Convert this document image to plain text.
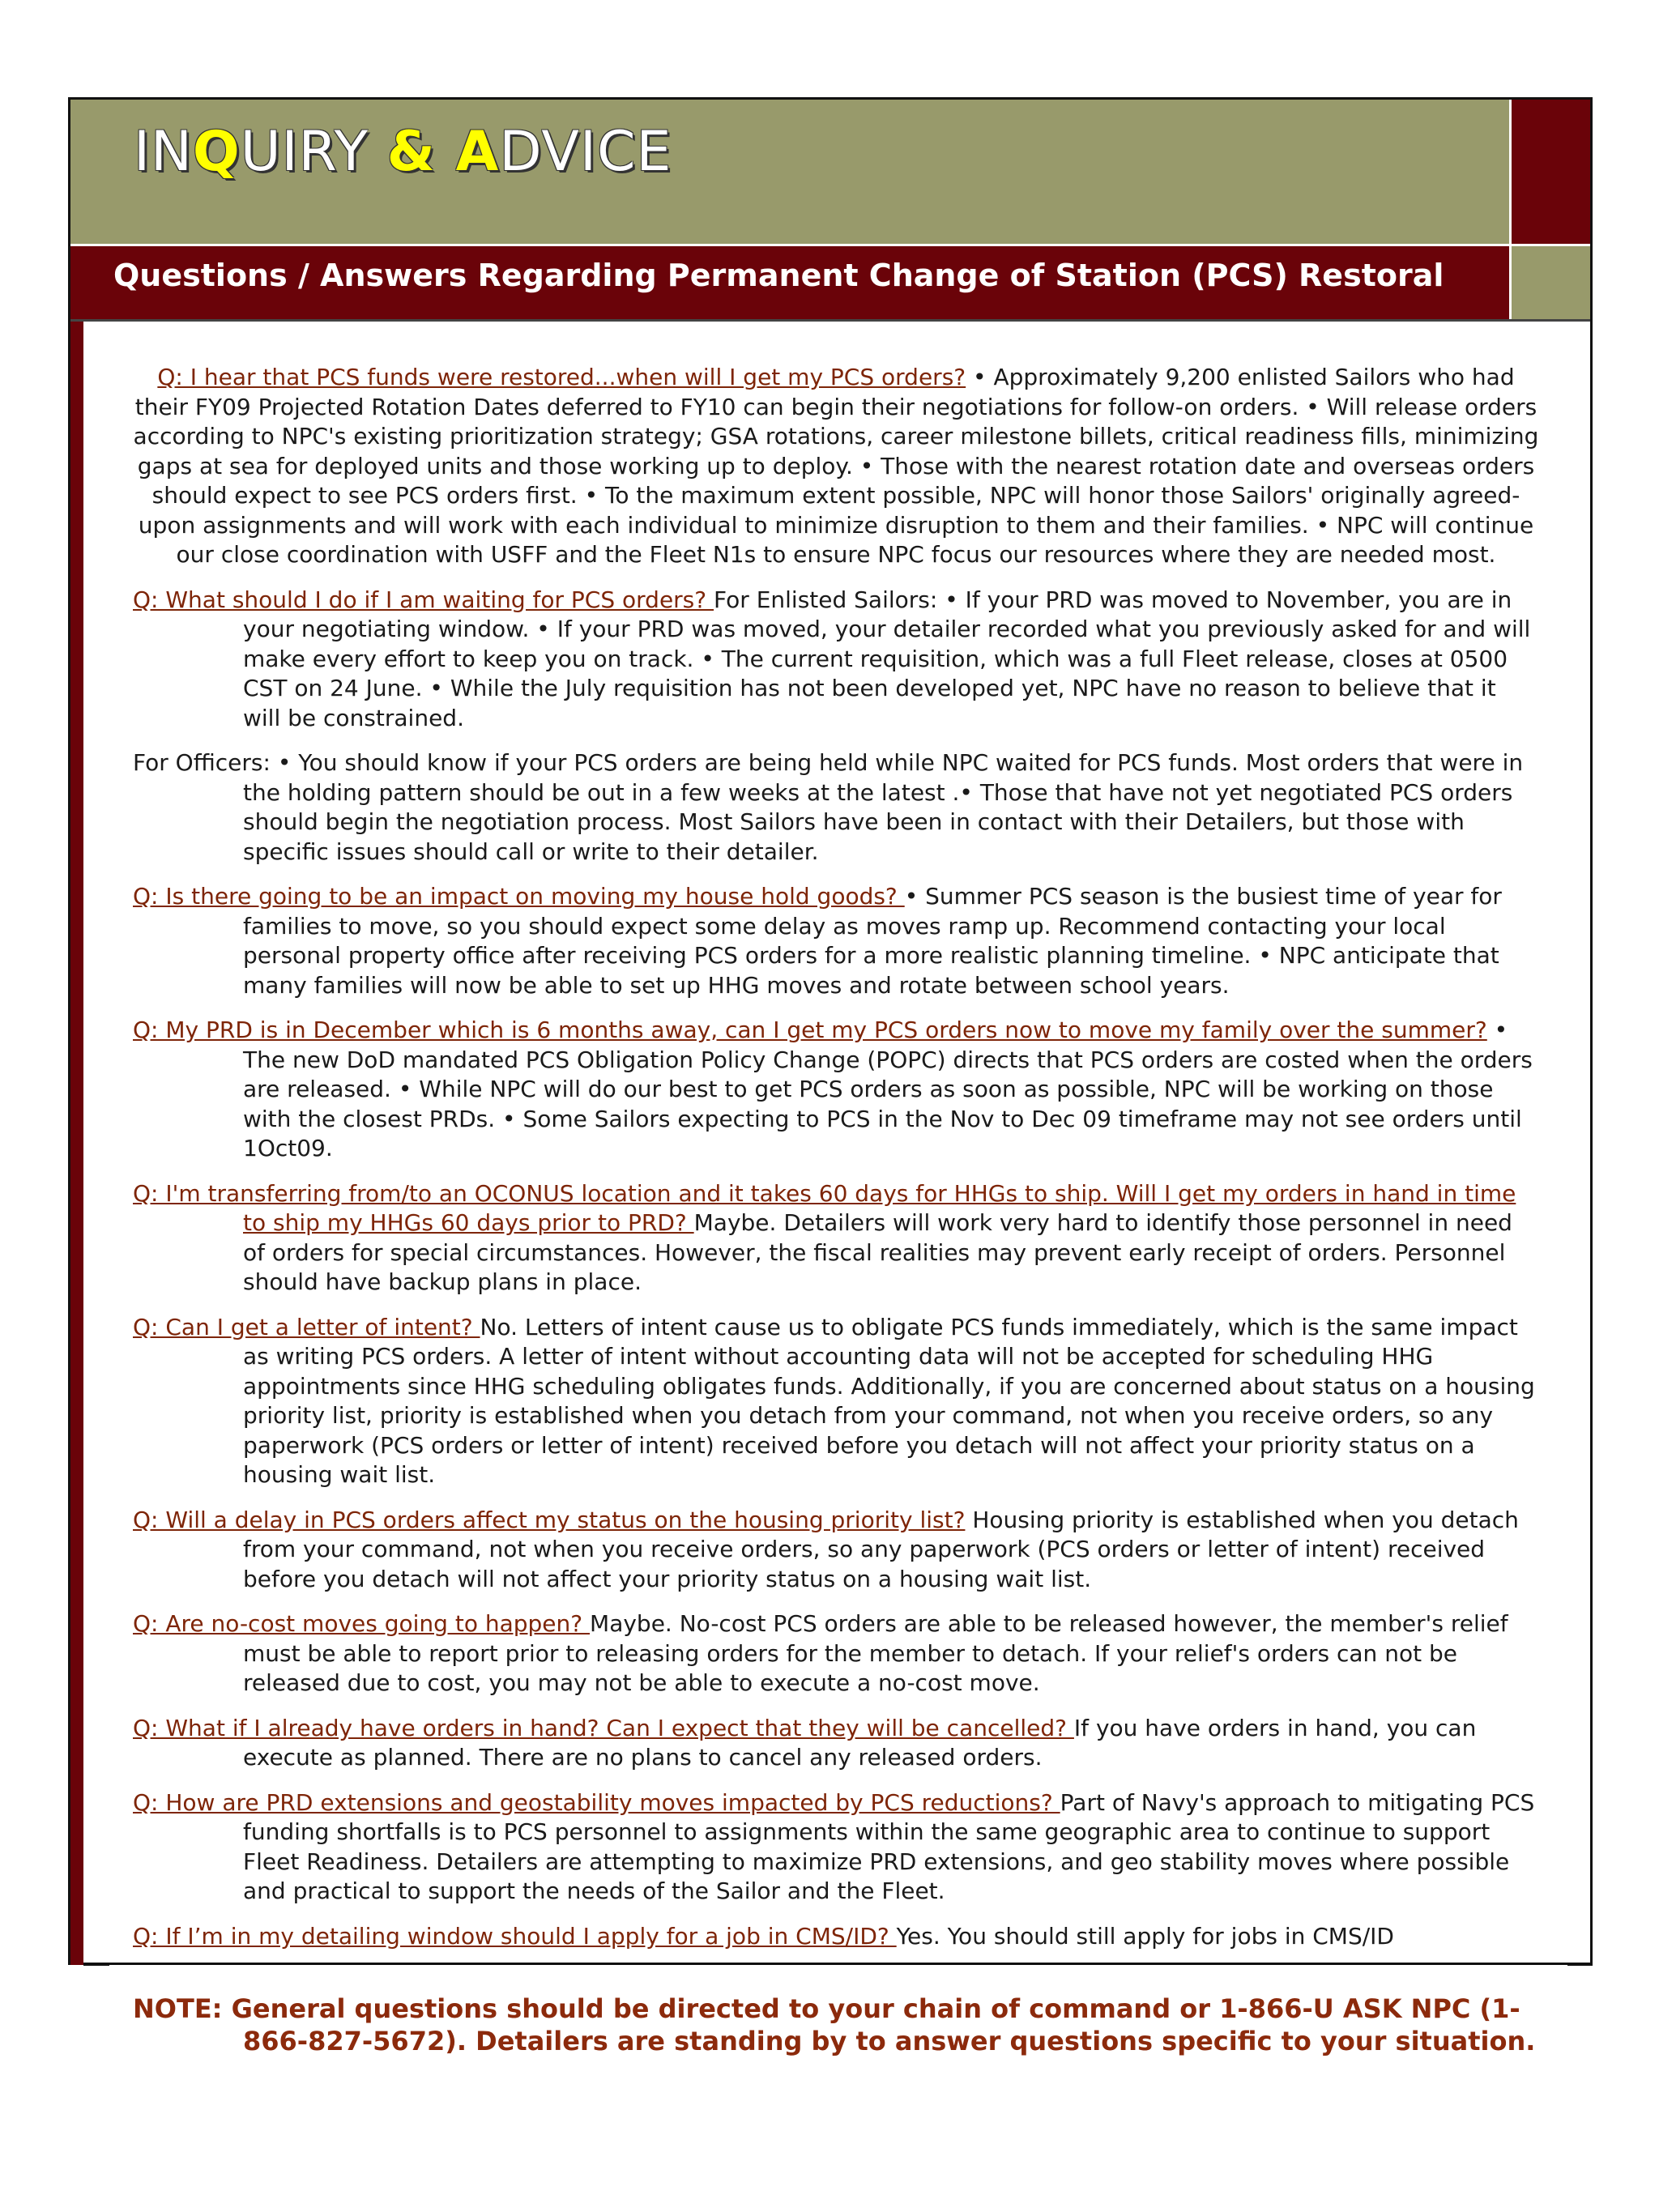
INQUIRY & ADVICE
Questions / Answers Regarding Permanent Change of Station (PCS) Restoral

Q: I hear that PCS funds were restored...when will I get my PCS orders? • Approximately 9,200 enlisted Sailors who had their FY09 Projected Rotation Dates deferred to FY10 can begin their negotiations for follow-on orders. • Will release orders according to NPC's existing prioritization strategy; GSA rotations, career milestone billets, critical readiness fills, minimizing gaps at sea for deployed units and those working up to deploy. • Those with the nearest rotation date and overseas orders should expect to see PCS orders first. • To the maximum extent possible, NPC will honor those Sailors' originally agreed-upon assignments and will work with each individual to minimize disruption to them and their families. • NPC will continue our close coordination with USFF and the Fleet N1s to ensure NPC focus our resources where they are needed most.

Q: What should I do if I am waiting for PCS orders? For Enlisted Sailors: • If your PRD was moved to November, you are in your negotiating window. • If your PRD was moved, your detailer recorded what you previously asked for and will make every effort to keep you on track. • The current requisition, which was a full Fleet release, closes at 0500 CST on 24 June. • While the July requisition has not been developed yet, NPC have no reason to believe that it will be constrained.

For Officers: • You should know if your PCS orders are being held while NPC waited for PCS funds. Most orders that were in the holding pattern should be out in a few weeks at the latest .• Those that have not yet negotiated PCS orders should begin the negotiation process. Most Sailors have been in contact with their Detailers, but those with specific issues should call or write to their detailer.

Q: Is there going to be an impact on moving my house hold goods? • Summer PCS season is the busiest time of year for families to move, so you should expect some delay as moves ramp up. Recommend contacting your local personal property office after receiving PCS orders for a more realistic planning timeline. • NPC anticipate that many families will now be able to set up HHG moves and rotate between school years.

Q: My PRD is in December which is 6 months away, can I get my PCS orders now to move my family over the summer? • The new DoD mandated PCS Obligation Policy Change (POPC) directs that PCS orders are costed when the orders are released. • While NPC will do our best to get PCS orders as soon as possible, NPC will be working on those with the closest PRDs. • Some Sailors expecting to PCS in the Nov to Dec 09 timeframe may not see orders until 1Oct09.

Q: I'm transferring from/to an OCONUS location and it takes 60 days for HHGs to ship. Will I get my orders in hand in time to ship my HHGs 60 days prior to PRD? Maybe. Detailers will work very hard to identify those personnel in need of orders for special circumstances. However, the fiscal realities may prevent early receipt of orders. Personnel should have backup plans in place.

Q: Can I get a letter of intent? No. Letters of intent cause us to obligate PCS funds immediately, which is the same impact as writing PCS orders. A letter of intent without accounting data will not be accepted for scheduling HHG appointments since HHG scheduling obligates funds. Additionally, if you are concerned about status on a housing priority list, priority is established when you detach from your command, not when you receive orders, so any paperwork (PCS orders or letter of intent) received before you detach will not affect your priority status on a housing wait list.

Q: Will a delay in PCS orders affect my status on the housing priority list? Housing priority is established when you detach from your command, not when you receive orders, so any paperwork (PCS orders or letter of intent) received before you detach will not affect your priority status on a housing wait list.

Q: Are no-cost moves going to happen? Maybe. No-cost PCS orders are able to be released however, the member's relief must be able to report prior to releasing orders for the member to detach. If your relief's orders can not be released due to cost, you may not be able to execute a no-cost move.

Q: What if I already have orders in hand? Can I expect that they will be cancelled? If you have orders in hand, you can execute as planned. There are no plans to cancel any released orders.

Q: How are PRD extensions and geostability moves impacted by PCS reductions? Part of Navy's approach to mitigating PCS funding shortfalls is to PCS personnel to assignments within the same geographic area to continue to support Fleet Readiness. Detailers are attempting to maximize PRD extensions, and geo stability moves where possible and practical to support the needs of the Sailor and the Fleet.

Q: If I’m in my detailing window should I apply for a job in CMS/ID? Yes. You should still apply for jobs in CMS/ID

NOTE: General questions should be directed to your chain of command or 1-866-U ASK NPC (1-866-827-5672). Detailers are standing by to answer questions specific to your situation.
